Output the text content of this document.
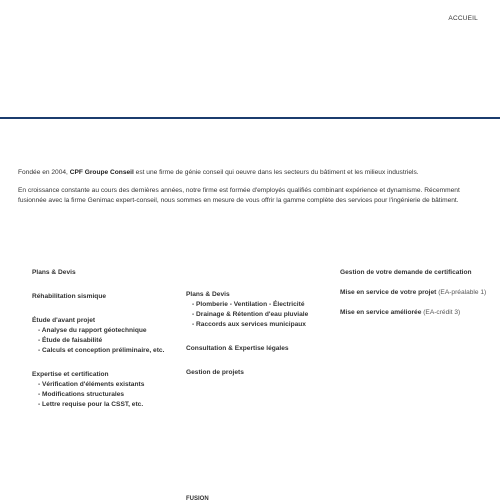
ACCUEIL

Fondée en 2004, CPF Groupe Conseil est une firme de génie conseil qui oeuvre dans les secteurs du bâtiment et les milieux industriels.

En croissance constante au cours des dernières années, notre firme est formée d'employés qualifiés combinant expérience et dynamisme. Récemment fusionnée avec la firme Genimac expert-conseil, nous sommes en mesure de vous offrir la gamme complète des services pour l'ingénierie de bâtiment.

Plans & Devis

Réhabilitation sismique

Étude d'avant projet

- Analyse du rapport géotechnique

- Étude de faisabilité

- Calculs et conception préliminaire, etc.

Expertise et certification

- Vérification d'éléments existants

- Modifications structurales

- Lettre requise pour la CSST, etc.

Plans & Devis

- Plomberie - Ventilation - Électricité

- Drainage & Rétention d'eau pluviale

- Raccords aux services municipaux

Consultation & Expertise légales

Gestion de projets

Gestion de votre demande de certification

Mise en service de votre projet (EA-préalable 1)

Mise en service améliorée (EA-crédit 3)

FUSION
